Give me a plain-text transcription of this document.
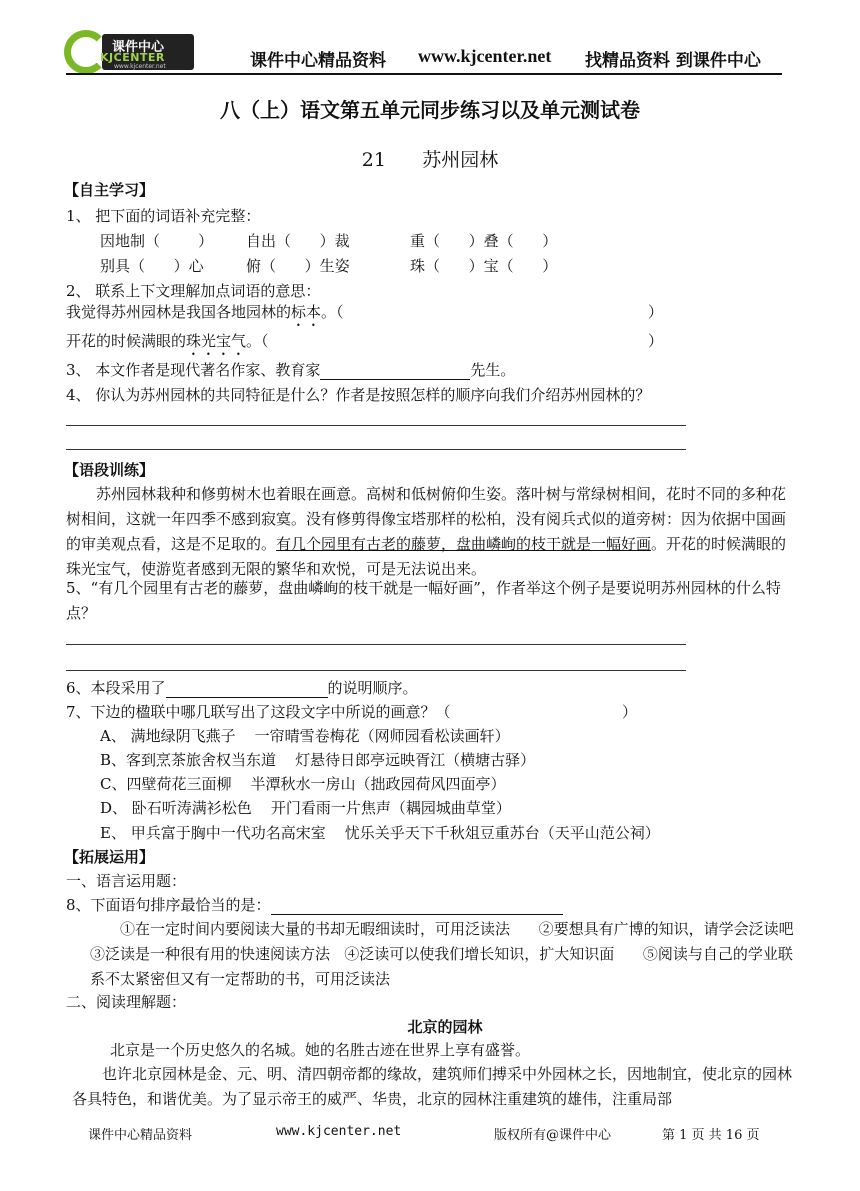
课件中心
KJCENTER
www.kjcenter.net	课件中心精品资料 www.kjcenter.net 找精品资料 到课件中心
八（上）语文第五单元同步练习以及单元测试卷
21      苏州园林
【自主学习】
1、 把下面的词语补充完整：
因地制（        ） 自出（      ）裁	重（      ）叠（      ）
别具（      ）心	俯（      ）生姿	珠（      ）宝（      ）
2、 联系上下文理解加点词语的意思：
我觉得苏州园林是我国各地园林的标本。（	）
开花的时候满眼的珠光宝气。（	）
3、 本文作者是现代著名作家、教育家	先生。
4、 你认为苏州园林的共同特征是什么？作者是按照怎样的顺序向我们介绍苏州园林的？
【语段训练】
苏州园林栽种和修剪树木也着眼在画意。高树和低树俯仰生姿。落叶树与常绿树相间，花时不同的多种花树相间，这就一年四季不感到寂寞。没有修剪得像宝塔那样的松柏，没有阅兵式似的道旁树：因为依据中国画的审美观点看，这是不足取的。有几个园里有古老的藤萝，盘曲嶙峋的枝干就是一幅好画。开花的时候满眼的珠光宝气，使游览者感到无限的繁华和欢悦，可是无法说出来。
5、“有几个园里有古老的藤萝，盘曲嶙峋的枝干就是一幅好画”，作者举这个例子是要说明苏州园林的什么特点？
6、本段采用了	的说明顺序。
7、下边的楹联中哪几联写出了这段文字中所说的画意？（	）
A、 满地绿阴飞燕子    一帘晴雪卷梅花（网师园看松读画轩）
B、客到烹茶旅舍权当东道    灯悬待日郎亭远映胥江（横塘古驿）
C、四壁荷花三面柳    半潭秋水一房山（拙政园荷风四面亭）
D、 卧石听涛满衫松色    开门看雨一片焦声（耦园城曲草堂）
E、 甲兵富于胸中一代功名高宋室    忧乐关乎天下千秋俎豆重苏台（天平山范公祠）
【拓展运用】
一、语言运用题：
8、下面语句排序最恰当的是：
①在一定时间内要阅读大量的书却无暇细读时，可用泛读法      ②要想具有广博的知识，请学会泛读吧   ③泛读是一种很有用的快速阅读方法   ④泛读可以使我们增长知识，扩大知识面      ⑤阅读与自己的学业联系不太紧密但又有一定帮助的书，可用泛读法
二、阅读理解题：
北京的园林
北京是一个历史悠久的名城。她的名胜古迹在世界上享有盛誉。
也许北京园林是金、元、明、清四朝帝都的缘故，建筑师们搏采中外园林之长，因地制宜，使北京的园林各具特色，和谐优美。为了显示帝王的威严、华贵，北京的园林注重建筑的雄伟，注重局部
课件中心精品资料	www.kjcenter.net	版权所有@课件中心	第 1 页 共 16 页
